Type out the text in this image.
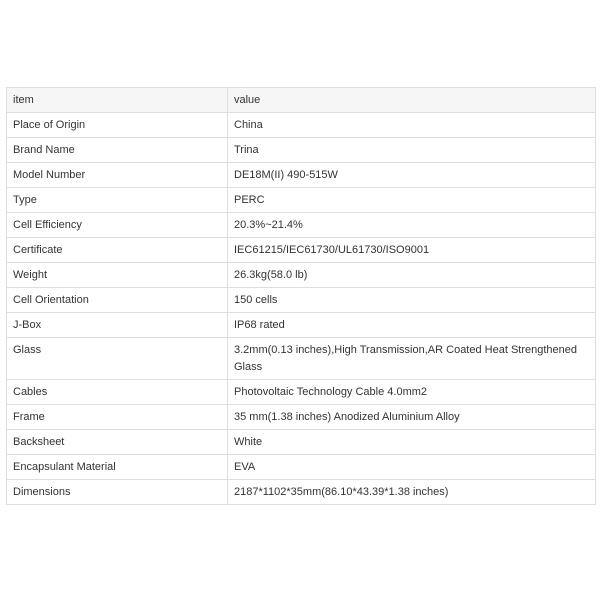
item	value
Place of Origin	China
Brand Name	Trina
Model Number	DE18M(II) 490-515W
Type	PERC
Cell Efficiency	20.3%~21.4%
Certificate	IEC61215/IEC61730/UL61730/ISO9001
Weight	26.3kg(58.0 lb)
Cell Orientation	150 cells
J-Box	IP68 rated
Glass	3.2mm(0.13 inches),High Transmission,AR Coated Heat Strengthened Glass
Cables	Photovoltaic Technology Cable 4.0mm2
Frame	35 mm(1.38 inches) Anodized Aluminium Alloy
Backsheet	White
Encapsulant Material	EVA
Dimensions	2187*1102*35mm(86.10*43.39*1.38 inches)
